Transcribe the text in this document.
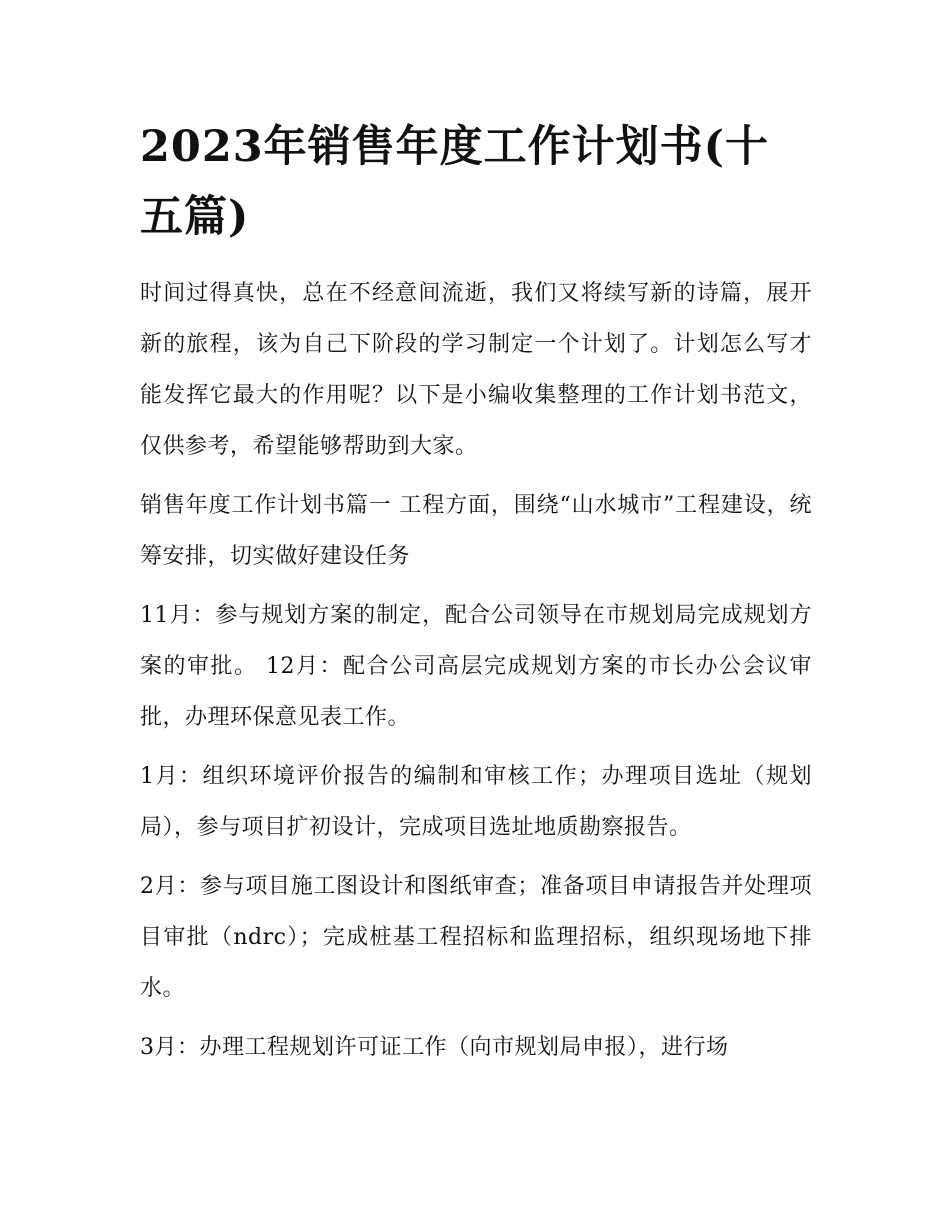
2023年销售年度工作计划书(十五篇)

时间过得真快，总在不经意间流逝，我们又将续写新的诗篇，展开新的旅程，该为自己下阶段的学习制定一个计划了。计划怎么写才能发挥它最大的作用呢？以下是小编收集整理的工作计划书范文，仅供参考，希望能够帮助到大家。

销售年度工作计划书篇一 工程方面，围绕“山水城市”工程建设，统筹安排，切实做好建设任务

11月：参与规划方案的制定，配合公司领导在市规划局完成规划方案的审批。 12月：配合公司高层完成规划方案的市长办公会议审批，办理环保意见表工作。

1月：组织环境评价报告的编制和审核工作；办理项目选址（规划局），参与项目扩初设计，完成项目选址地质勘察报告。

2月：参与项目施工图设计和图纸审查；准备项目申请报告并处理项目审批（ndrc）；完成桩基工程招标和监理招标，组织现场地下排水。

3月：办理工程规划许可证工作（向市规划局申报），进行场
